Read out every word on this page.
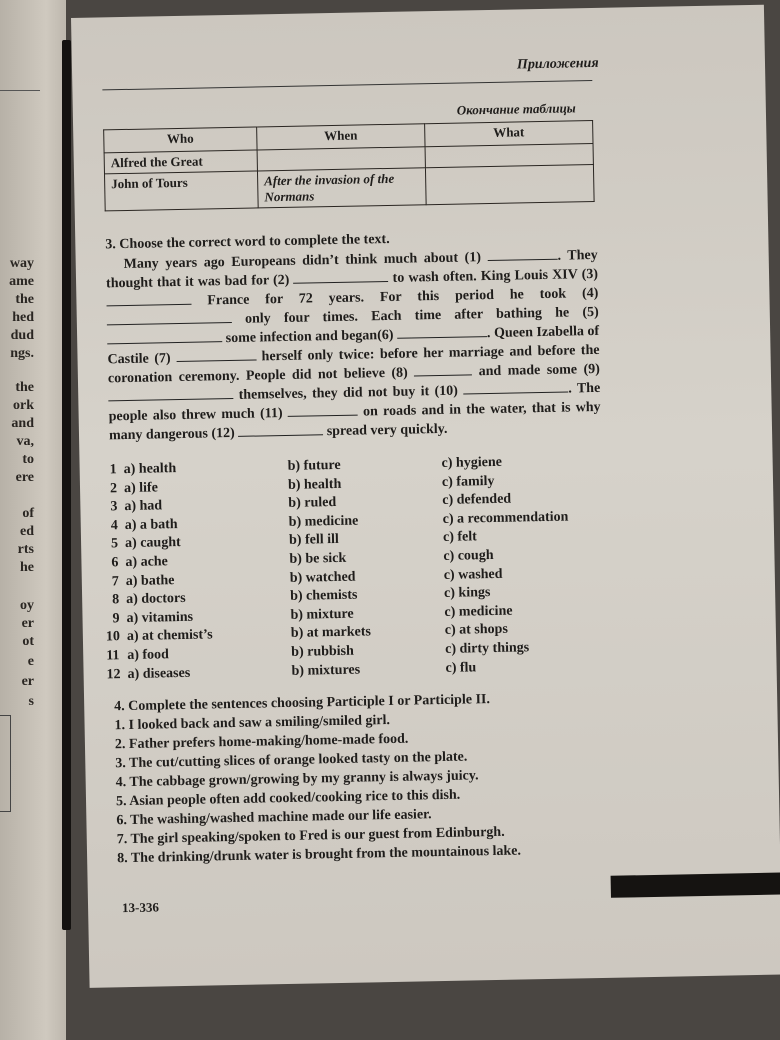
way
ame
the
hed
dud
ngs.
the
ork
and
va,
to
ere
of
ed
rts
he
oy
er
ot
e
er
s
Приложения
Окончание таблицы
Who	When	What
Alfred the Great		
John of Tours	After the invasion of the Normans	
3. Choose the correct word to complete the text.
Many years ago Europeans didn’t think much about (1)	. They thought that it was bad for (2)	to wash often. King Louis XIV (3)  France for 72 years. For this period he took (4)  only four times. Each time after bathing he (5)  some infection and began(6)	. Queen Izabella of Castile (7)	herself only twice: before her marriage and before the coronation ceremony. People did not believe (8)	and made some (9)  themselves, they did not buy it (10)	. The people also threw much (11)	on roads and in the water, that is why many dangerous (12)	spread very quickly.
1 a) health	b) future	c) hygiene
2 a) life	b) health	c) family
3 a) had	b) ruled	c) defended
4 a) a bath	b) medicine	c) a recommendation
5 a) caught	b) fell ill	c) felt
6 a) ache	b) be sick	c) cough
7 a) bathe	b) watched	c) washed
8 a) doctors	b) chemists	c) kings
9 a) vitamins	b) mixture	c) medicine
10 a) at chemist’s	b) at markets	c) at shops
11 a) food	b) rubbish	c) dirty things
12 a) diseases	b) mixtures	c) flu
4. Complete the sentences choosing Participle I or Participle II.
1. I looked back and saw a smiling/smiled girl.
2. Father prefers home-making/home-made food.
3. The cut/cutting slices of orange looked tasty on the plate.
4. The cabbage grown/growing by my granny is always juicy.
5. Asian people often add cooked/cooking rice to this dish.
6. The washing/washed machine made our life easier.
7. The girl speaking/spoken to Fred is our guest from Edinburgh.
8. The drinking/drunk water is brought from the mountainous lake.
13-336
